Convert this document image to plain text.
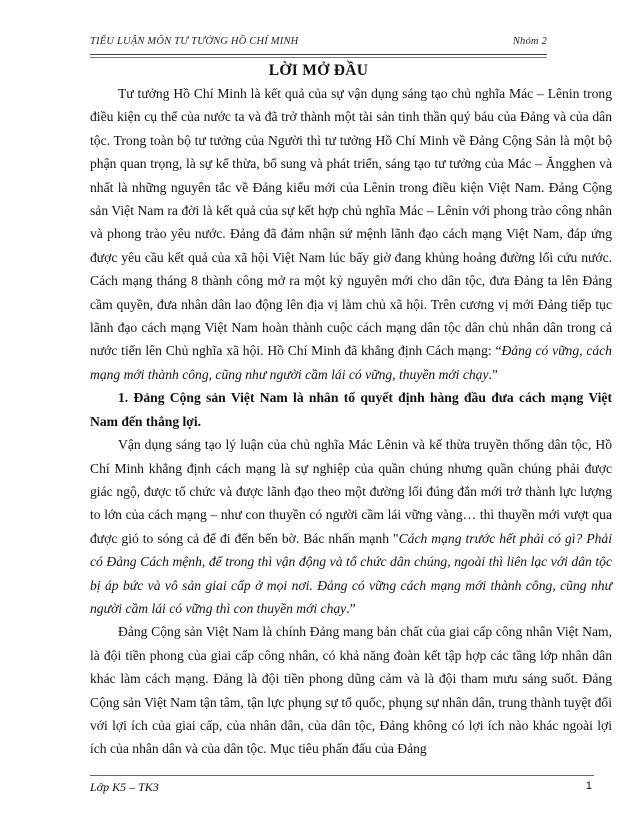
TIỂU LUẬN MÔN TƯ TƯỞNG HỒ CHÍ MINH	Nhóm 2
LỜI MỞ ĐẦU

Tư tưởng Hồ Chí Minh là kết quả của sự vận dụng sáng tạo chủ nghĩa Mác – Lênin trong điều kiện cụ thể của nước ta và đã trở thành một tài sản tinh thần quý báu của Đảng và của dân tộc. Trong toàn bộ tư tưởng của Người thì tư tưởng Hồ Chí Minh về Đảng Cộng Sản là một bộ phận quan trọng, là sự kế thừa, bổ sung và phát triển, sáng tạo tư tưởng của Mác – Ăngghen và nhất là những nguyên tắc về Đảng kiểu mới của Lênin trong điều kiện Việt Nam. Đảng Cộng sản Việt Nam ra đời là kết quả của sự kết hợp chủ nghĩa Mác – Lênin với phong trào công nhân và phong trào yêu nước. Đảng đã đảm nhận sứ mệnh lãnh đạo cách mạng Việt Nam, đáp ứng được yêu cầu kết quả của xã hội Việt Nam lúc bấy giờ đang khủng hoảng đường lối cứu nước. Cách mạng tháng 8 thành công mở ra một kỷ nguyên mới cho dân tộc, đưa Đảng ta lên Đảng cầm quyền, đưa nhân dân lao động lên địa vị làm chủ xã hội. Trên cương vị mới Đảng tiếp tục lãnh đạo cách mạng Việt Nam hoàn thành cuộc cách mạng dân tộc dân chủ nhân dân trong cả nước tiến lên Chủ nghĩa xã hội. Hồ Chí Minh đã khẳng định Cách mạng: “Đảng có vững, cách mạng mới thành công, cũng như người cầm lái có vững, thuyền mới chạy.”

1. Đảng Cộng sản Việt Nam là nhân tố quyết định hàng đầu đưa cách mạng Việt Nam đến thắng lợi.

Vận dụng sáng tạo lý luận của chủ nghĩa Mác Lênin và kế thừa truyền thống dân tộc, Hồ Chí Minh khẳng định cách mạng là sự nghiệp của quần chúng nhưng quần chúng phải được giác ngộ, được tổ chức và được lãnh đạo theo một đường lối đúng đắn mới trở thành lực lượng to lớn của cách mạng – như con thuyền có người cầm lái vững vàng… thì thuyền mới vượt qua được gió to sóng cả để đi đến bến bờ. Bác nhấn mạnh "Cách mạng trước hết phải có gì? Phải có Đảng Cách mệnh, để trong thì vận động và tổ chức dân chúng, ngoài thì liên lạc với dân tộc bị áp bức và vô sản giai cấp ở mọi nơi. Đảng có vững cách mạng mới thành công, cũng như người cầm lái có vững thì con thuyền mới chạy.”

Đảng Cộng sản Việt Nam là chính Đảng mang bản chất của giai cấp công nhân Việt Nam, là đội tiền phong của giai cấp công nhân, có khả năng đoàn kết tập hợp các tầng lớp nhân dân khác làm cách mạng. Đảng là đội tiền phong dũng cảm và là đội tham mưu sáng suốt. Đảng Cộng sản Việt Nam tận tâm, tận lực phụng sự tổ quốc, phụng sự nhân dân, trung thành tuyệt đối với lợi ích của giai cấp, của nhân dân, của dân tộc, Đảng không có lợi ích nào khác ngoài lợi ích của nhân dân và của dân tộc. Mục tiêu phấn đấu của Đảng

Lớp K5 – TK3	1
